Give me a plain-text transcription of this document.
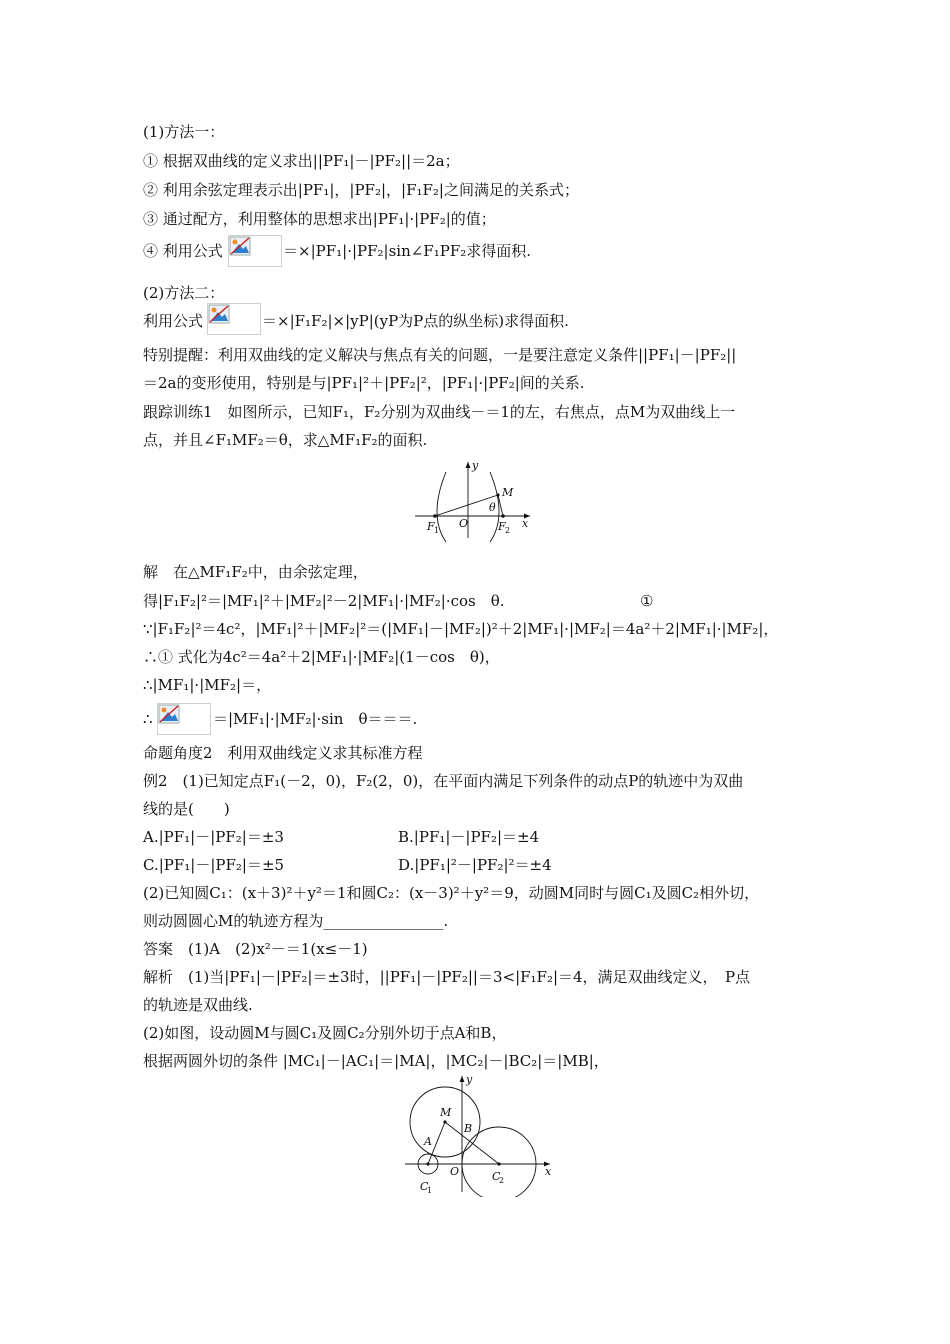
(1)方法一：
① 根据双曲线的定义求出||PF₁|－|PF₂||＝2a；
② 利用余弦定理表示出|PF₁|，|PF₂|，|F₁F₂|之间满足的关系式；
③ 通过配方，利用整体的思想求出|PF₁|·|PF₂|的值；
④ 利用公式	＝×|PF₁|·|PF₂|sin∠F₁PF₂求得面积.
(2)方法二：
利用公式	＝×|F₁F₂|×|yP|(yP为P点的纵坐标)求得面积.
特别提醒：利用双曲线的定义解决与焦点有关的问题，一是要注意定义条件||PF₁|－|PF₂||
＝2a的变形使用，特别是与|PF₁|²＋|PF₂|²，|PF₁|·|PF₂|间的关系.
跟踪训练1　如图所示，已知F₁，F₂分别为双曲线－＝1的左，右焦点，点M为双曲线上一
点，并且∠F₁MF₂＝θ，求△MF₁F₂的面积.
y
x
M
θ
O
F 1	F 2
解　在△MF₁F₂中，由余弦定理，
得|F₁F₂|²＝|MF₁|²＋|MF₂|²－2|MF₁|·|MF₂|·cos　θ.	①
∵|F₁F₂|²＝4c²，|MF₁|²＋|MF₂|²＝(|MF₁|－|MF₂|)²＋2|MF₁|·|MF₂|＝4a²＋2|MF₁|·|MF₂|，
∴① 式化为4c²＝4a²＋2|MF₁|·|MF₂|(1－cos　θ)，
∴|MF₁|·|MF₂|＝，
∴	＝|MF₁|·|MF₂|·sin　θ＝＝＝.
命题角度2　利用双曲线定义求其标准方程
例2　(1)已知定点F₁(－2，0)，F₂(2，0)，在平面内满足下列条件的动点P的轨迹中为双曲
线的是(　　)
A.|PF₁|－|PF₂|＝±3	B.|PF₁|－|PF₂|＝±4
C.|PF₁|－|PF₂|＝±5	D.|PF₁|²－|PF₂|²＝±4
(2)已知圆C₁：(x＋3)²＋y²＝1和圆C₂：(x－3)²＋y²＝9，动圆M同时与圆C₁及圆C₂相外切，
则动圆圆心M的轨迹方程为________________.
答案　(1)A　(2)x²－＝1(x≤－1)
解析　(1)当|PF₁|－|PF₂|＝±3时，||PF₁|－|PF₂||＝3<|F₁F₂|＝4，满足双曲线定义，　P点
的轨迹是双曲线.
(2)如图，设动圆M与圆C₁及圆C₂分别外切于点A和B，
根据两圆外切的条件 |MC₁|－|AC₁|＝|MA|，|MC₂|－|BC₂|＝|MB|，
y
x
M
A
B
O
C
1
C
2
